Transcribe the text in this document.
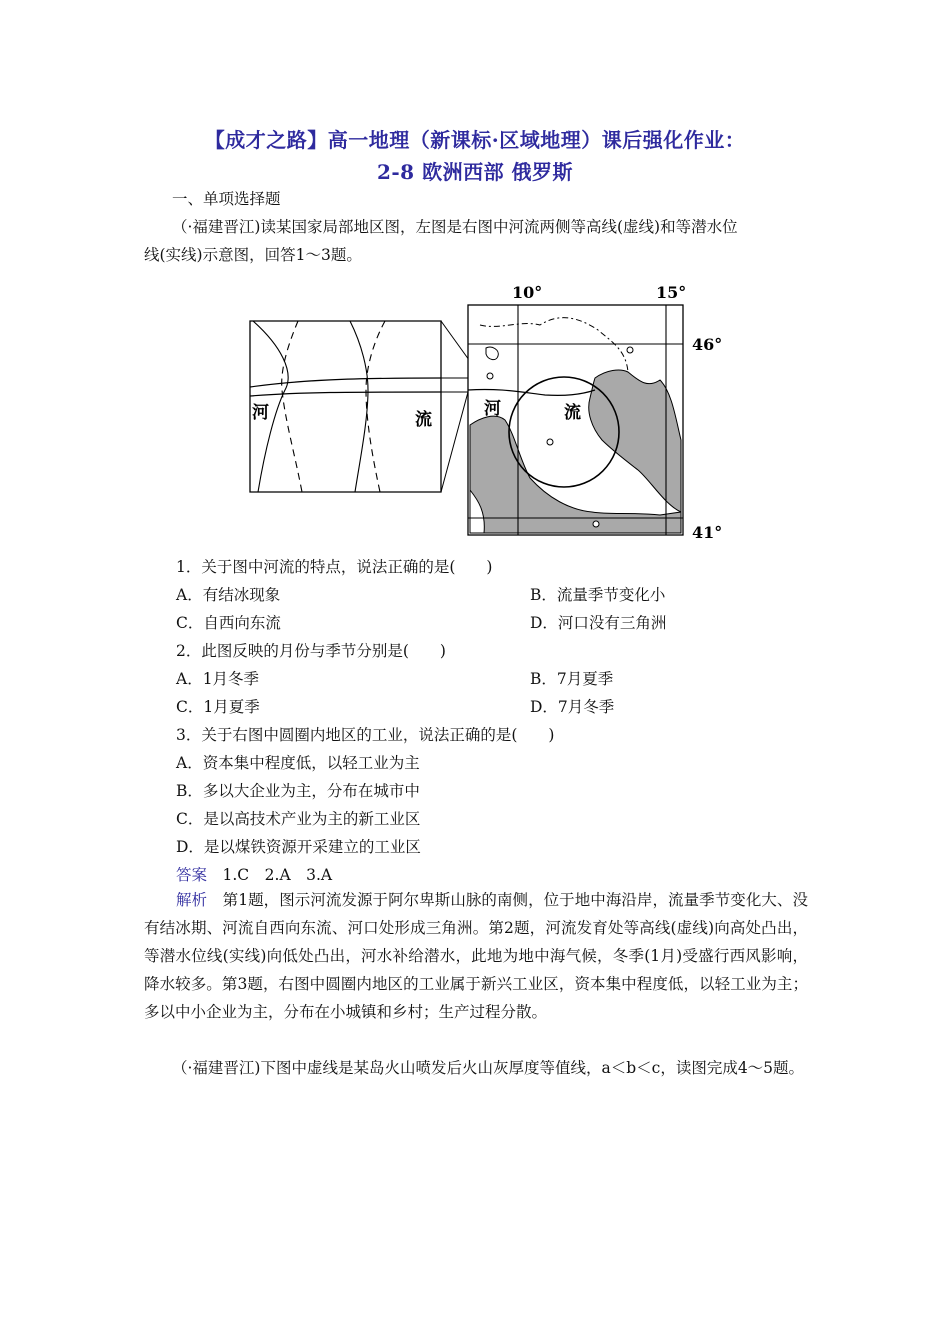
【成才之路】高一地理（新课标·区域地理）课后强化作业：
2-8 欧洲西部 俄罗斯
一、单项选择题
（·福建晋江)读某国家局部地区图，左图是右图中河流两侧等高线(虚线)和等潜水位
线(实线)示意图，回答1～3题。
河	流
10°	15°
46°
41°
河	流
1．关于图中河流的特点，说法正确的是(　　)
A．有结冰现象	B．流量季节变化小
C．自西向东流	D．河口没有三角洲
2．此图反映的月份与季节分别是(　　)
A．1月冬季	B．7月夏季
C．1月夏季	D．7月冬季
3．关于右图中圆圈内地区的工业，说法正确的是(　　)
A．资本集中程度低，以轻工业为主
B．多以大企业为主，分布在城市中
C．是以高技术产业为主的新工业区
D．是以煤铁资源开采建立的工业区
答案　1.C　2.A　3.A
解析　第1题，图示河流发源于阿尔卑斯山脉的南侧，位于地中海沿岸，流量季节变化大、没有结冰期、河流自西向东流、河口处形成三角洲。第2题，河流发育处等高线(虚线)向高处凸出，等潜水位线(实线)向低处凸出，河水补给潜水，此地为地中海气候，冬季(1月)受盛行西风影响，降水较多。第3题，右图中圆圈内地区的工业属于新兴工业区，资本集中程度低，以轻工业为主；多以中小企业为主，分布在小城镇和乡村；生产过程分散。
（·福建晋江)下图中虚线是某岛火山喷发后火山灰厚度等值线，a＜b＜c，读图完成4～5题。
